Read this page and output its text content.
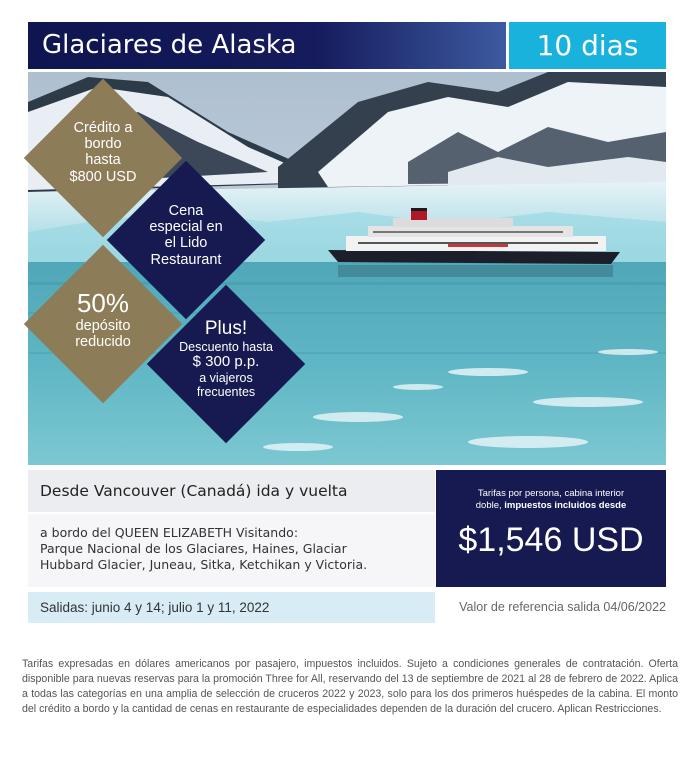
Glaciares de Alaska	10 dias
Crédito a
bordo
hasta
$800 USD
Cena
especial en
el Lido
Restaurant
50%
depósito
reducido
Plus!
Descuento hasta
$ 300 p.p.
a viajeros
frecuentes
Desde Vancouver (Canadá) ida y vuelta
a bordo del QUEEN ELIZABETH Visitando:
Parque Nacional de los Glaciares, Haines, Glaciar
Hubbard Glacier, Juneau, Sitka, Ketchikan y Victoria.
Tarifas por persona, cabina interior
doble, impuestos incluidos desde
$1,546 USD
Salidas: junio 4 y 14; julio 1 y 11, 2022	Valor de referencia salida 04/06/2022
Tarifas expresadas en dólares americanos por pasajero, impuestos incluidos. Sujeto a condiciones generales de contratación. Oferta disponible para nuevas reservas para la promoción Three for All, reservando del 13 de septiembre de 2021 al 28 de febrero de 2022. Aplica a todas las categorías en una amplia de selección de cruceros 2022 y 2023, solo para los dos primeros huéspedes de la cabina. El monto del crédito a bordo y la cantidad de cenas en restaurante de especialidades dependen de la duración del crucero. Aplican Restricciones.
